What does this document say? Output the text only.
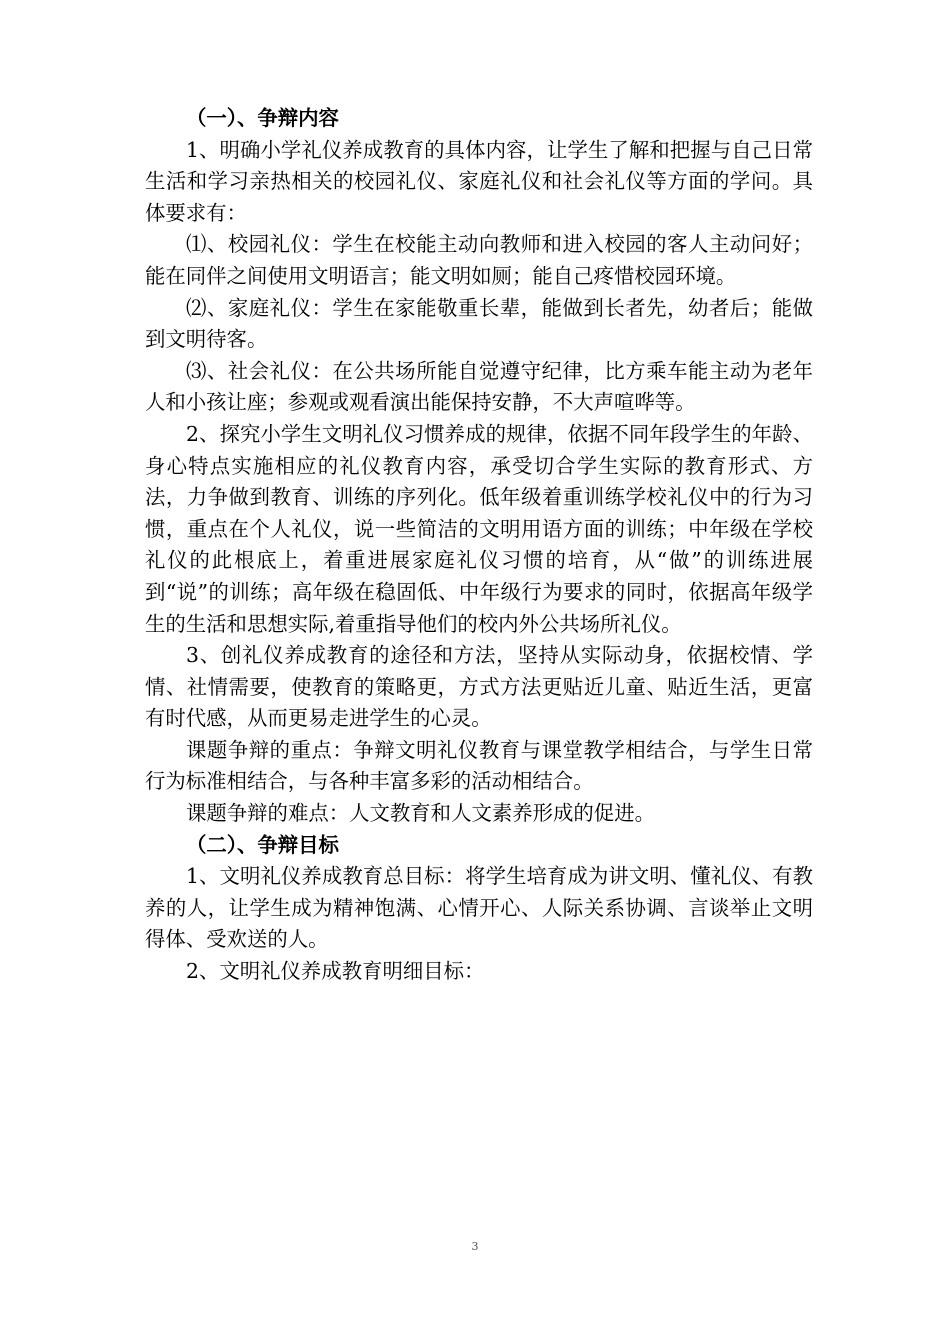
（一）、争辩内容

1、明确小学礼仪养成教育的具体内容，让学生了解和把握与自己日常生活和学习亲热相关的校园礼仪、家庭礼仪和社会礼仪等方面的学问。具体要求有：

⑴、校园礼仪：学生在校能主动向教师和进入校园的客人主动问好；能在同伴之间使用文明语言；能文明如厕；能自己疼惜校园环境。

⑵、家庭礼仪：学生在家能敬重长辈，能做到长者先，幼者后；能做到文明待客。

⑶、社会礼仪：在公共场所能自觉遵守纪律，比方乘车能主动为老年人和小孩让座；参观或观看演出能保持安静，不大声喧哗等。

2、探究小学生文明礼仪习惯养成的规律，依据不同年段学生的年龄、身心特点实施相应的礼仪教育内容，承受切合学生实际的教育形式、方法，力争做到教育、训练的序列化。低年级着重训练学校礼仪中的行为习惯，重点在个人礼仪，说一些简洁的文明用语方面的训练；中年级在学校礼仪的此根底上，着重进展家庭礼仪习惯的培育，从“做”的训练进展到“说”的训练；高年级在稳固低、中年级行为要求的同时，依据高年级学生的生活和思想实际,着重指导他们的校内外公共场所礼仪。

3、创礼仪养成教育的途径和方法，坚持从实际动身，依据校情、学情、社情需要，使教育的策略更，方式方法更贴近儿童、贴近生活，更富有时代感，从而更易走进学生的心灵。

课题争辩的重点：争辩文明礼仪教育与课堂教学相结合，与学生日常行为标准相结合，与各种丰富多彩的活动相结合。

课题争辩的难点：人文教育和人文素养形成的促进。

（二）、争辩目标

1、文明礼仪养成教育总目标：将学生培育成为讲文明、懂礼仪、有教养的人，让学生成为精神饱满、心情开心、人际关系协调、言谈举止文明得体、受欢送的人。

2、文明礼仪养成教育明细目标：

3
